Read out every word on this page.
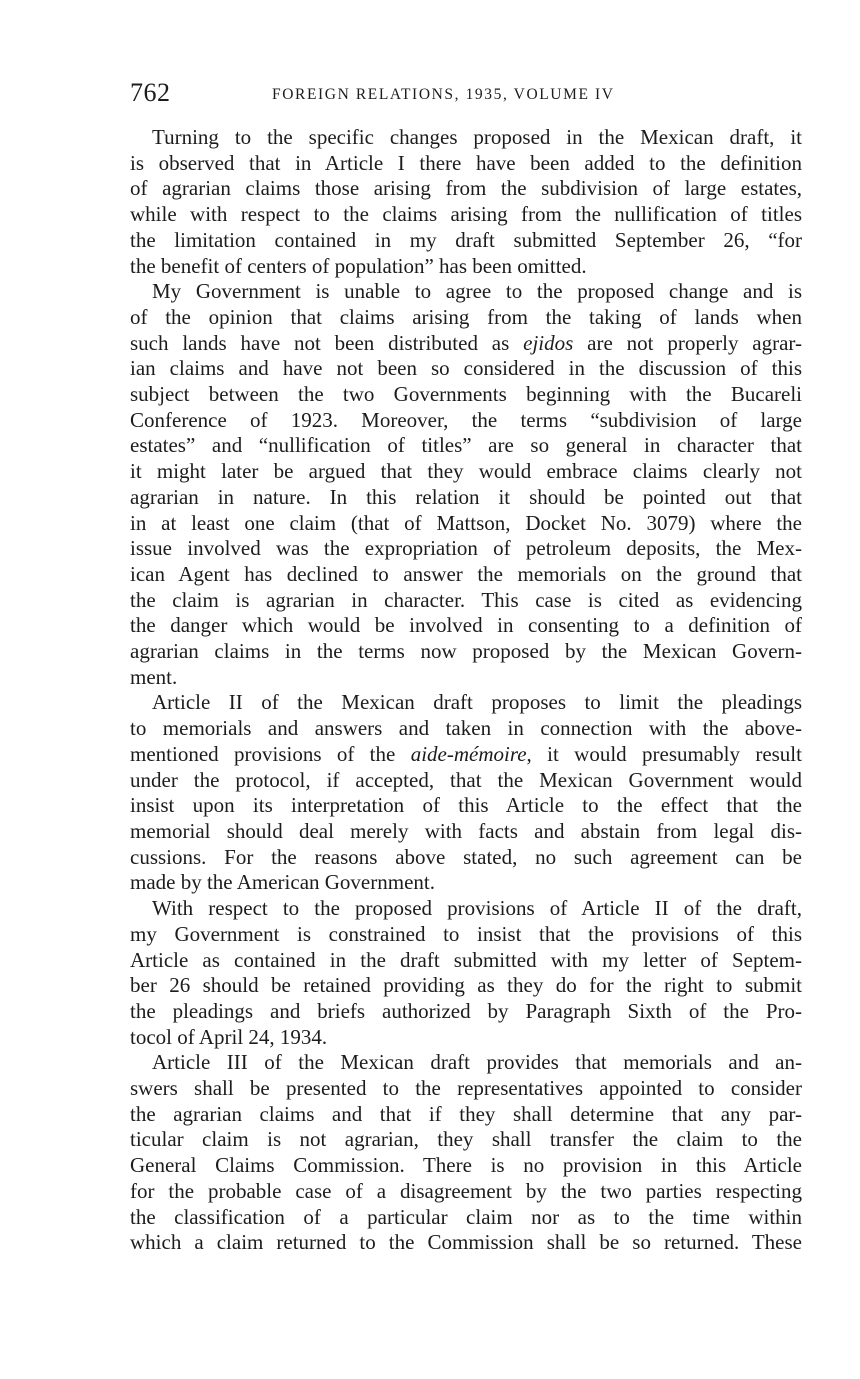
762	FOREIGN RELATIONS, 1935, VOLUME IV
Turning to the specific changes proposed in the Mexican draft, it
is observed that in Article I there have been added to the definition
of agrarian claims those arising from the subdivision of large estates,
while with respect to the claims arising from the nullification of titles
the limitation contained in my draft submitted September 26, “for
the benefit of centers of population” has been omitted.
My Government is unable to agree to the proposed change and is
of the opinion that claims arising from the taking of lands when
such lands have not been distributed as ejidos are not properly agrar-
ian claims and have not been so considered in the discussion of this
subject between the two Governments beginning with the Bucareli
Conference of 1923. Moreover, the terms “subdivision of large
estates” and “nullification of titles” are so general in character that
it might later be argued that they would embrace claims clearly not
agrarian in nature. In this relation it should be pointed out that
in at least one claim (that of Mattson, Docket No. 3079) where the
issue involved was the expropriation of petroleum deposits, the Mex-
ican Agent has declined to answer the memorials on the ground that
the claim is agrarian in character. This case is cited as evidencing
the danger which would be involved in consenting to a definition of
agrarian claims in the terms now proposed by the Mexican Govern-
ment.
Article II of the Mexican draft proposes to limit the pleadings
to memorials and answers and taken in connection with the above-
mentioned provisions of the aide-mémoire, it would presumably result
under the protocol, if accepted, that the Mexican Government would
insist upon its interpretation of this Article to the effect that the
memorial should deal merely with facts and abstain from legal dis-
cussions. For the reasons above stated, no such agreement can be
made by the American Government.
With respect to the proposed provisions of Article II of the draft,
my Government is constrained to insist that the provisions of this
Article as contained in the draft submitted with my letter of Septem-
ber 26 should be retained providing as they do for the right to submit
the pleadings and briefs authorized by Paragraph Sixth of the Pro-
tocol of April 24, 1934.
Article III of the Mexican draft provides that memorials and an-
swers shall be presented to the representatives appointed to consider
the agrarian claims and that if they shall determine that any par-
ticular claim is not agrarian, they shall transfer the claim to the
General Claims Commission. There is no provision in this Article
for the probable case of a disagreement by the two parties respecting
the classification of a particular claim nor as to the time within
which a claim returned to the Commission shall be so returned. These
